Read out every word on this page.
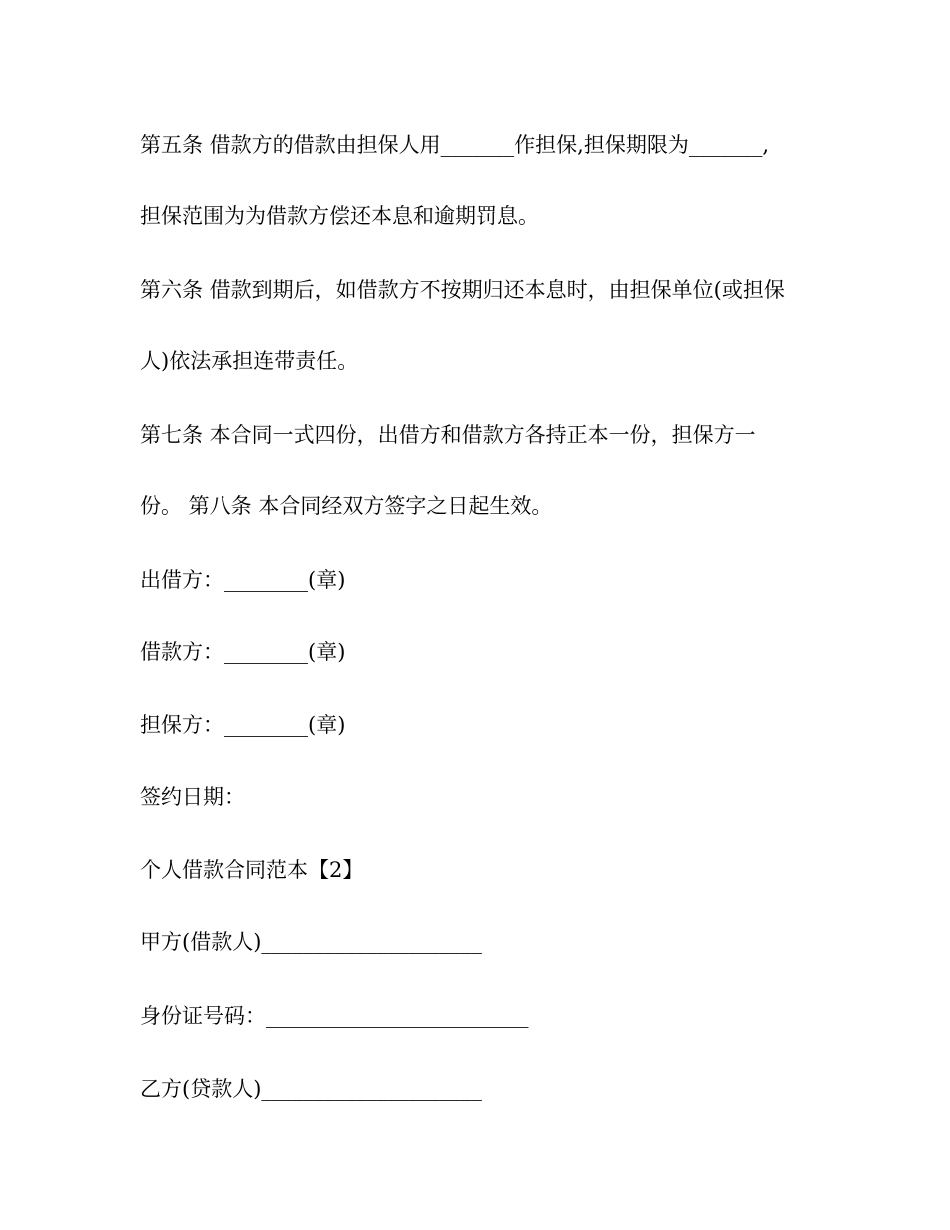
第五条 借款方的借款由担保人用_______作担保,担保期限为_______,
担保范围为为借款方偿还本息和逾期罚息。
第六条 借款到期后，如借款方不按期归还本息时，由担保单位(或担保
人)依法承担连带责任。
第七条 本合同一式四份，出借方和借款方各持正本一份，担保方一
份。 第八条 本合同经双方签字之日起生效。
出借方：________(章)
借款方：________(章)
担保方：________(章)
签约日期：
个人借款合同范本【2】
甲方(借款人)_____________________
身份证号码：_________________________
乙方(贷款人)_____________________
